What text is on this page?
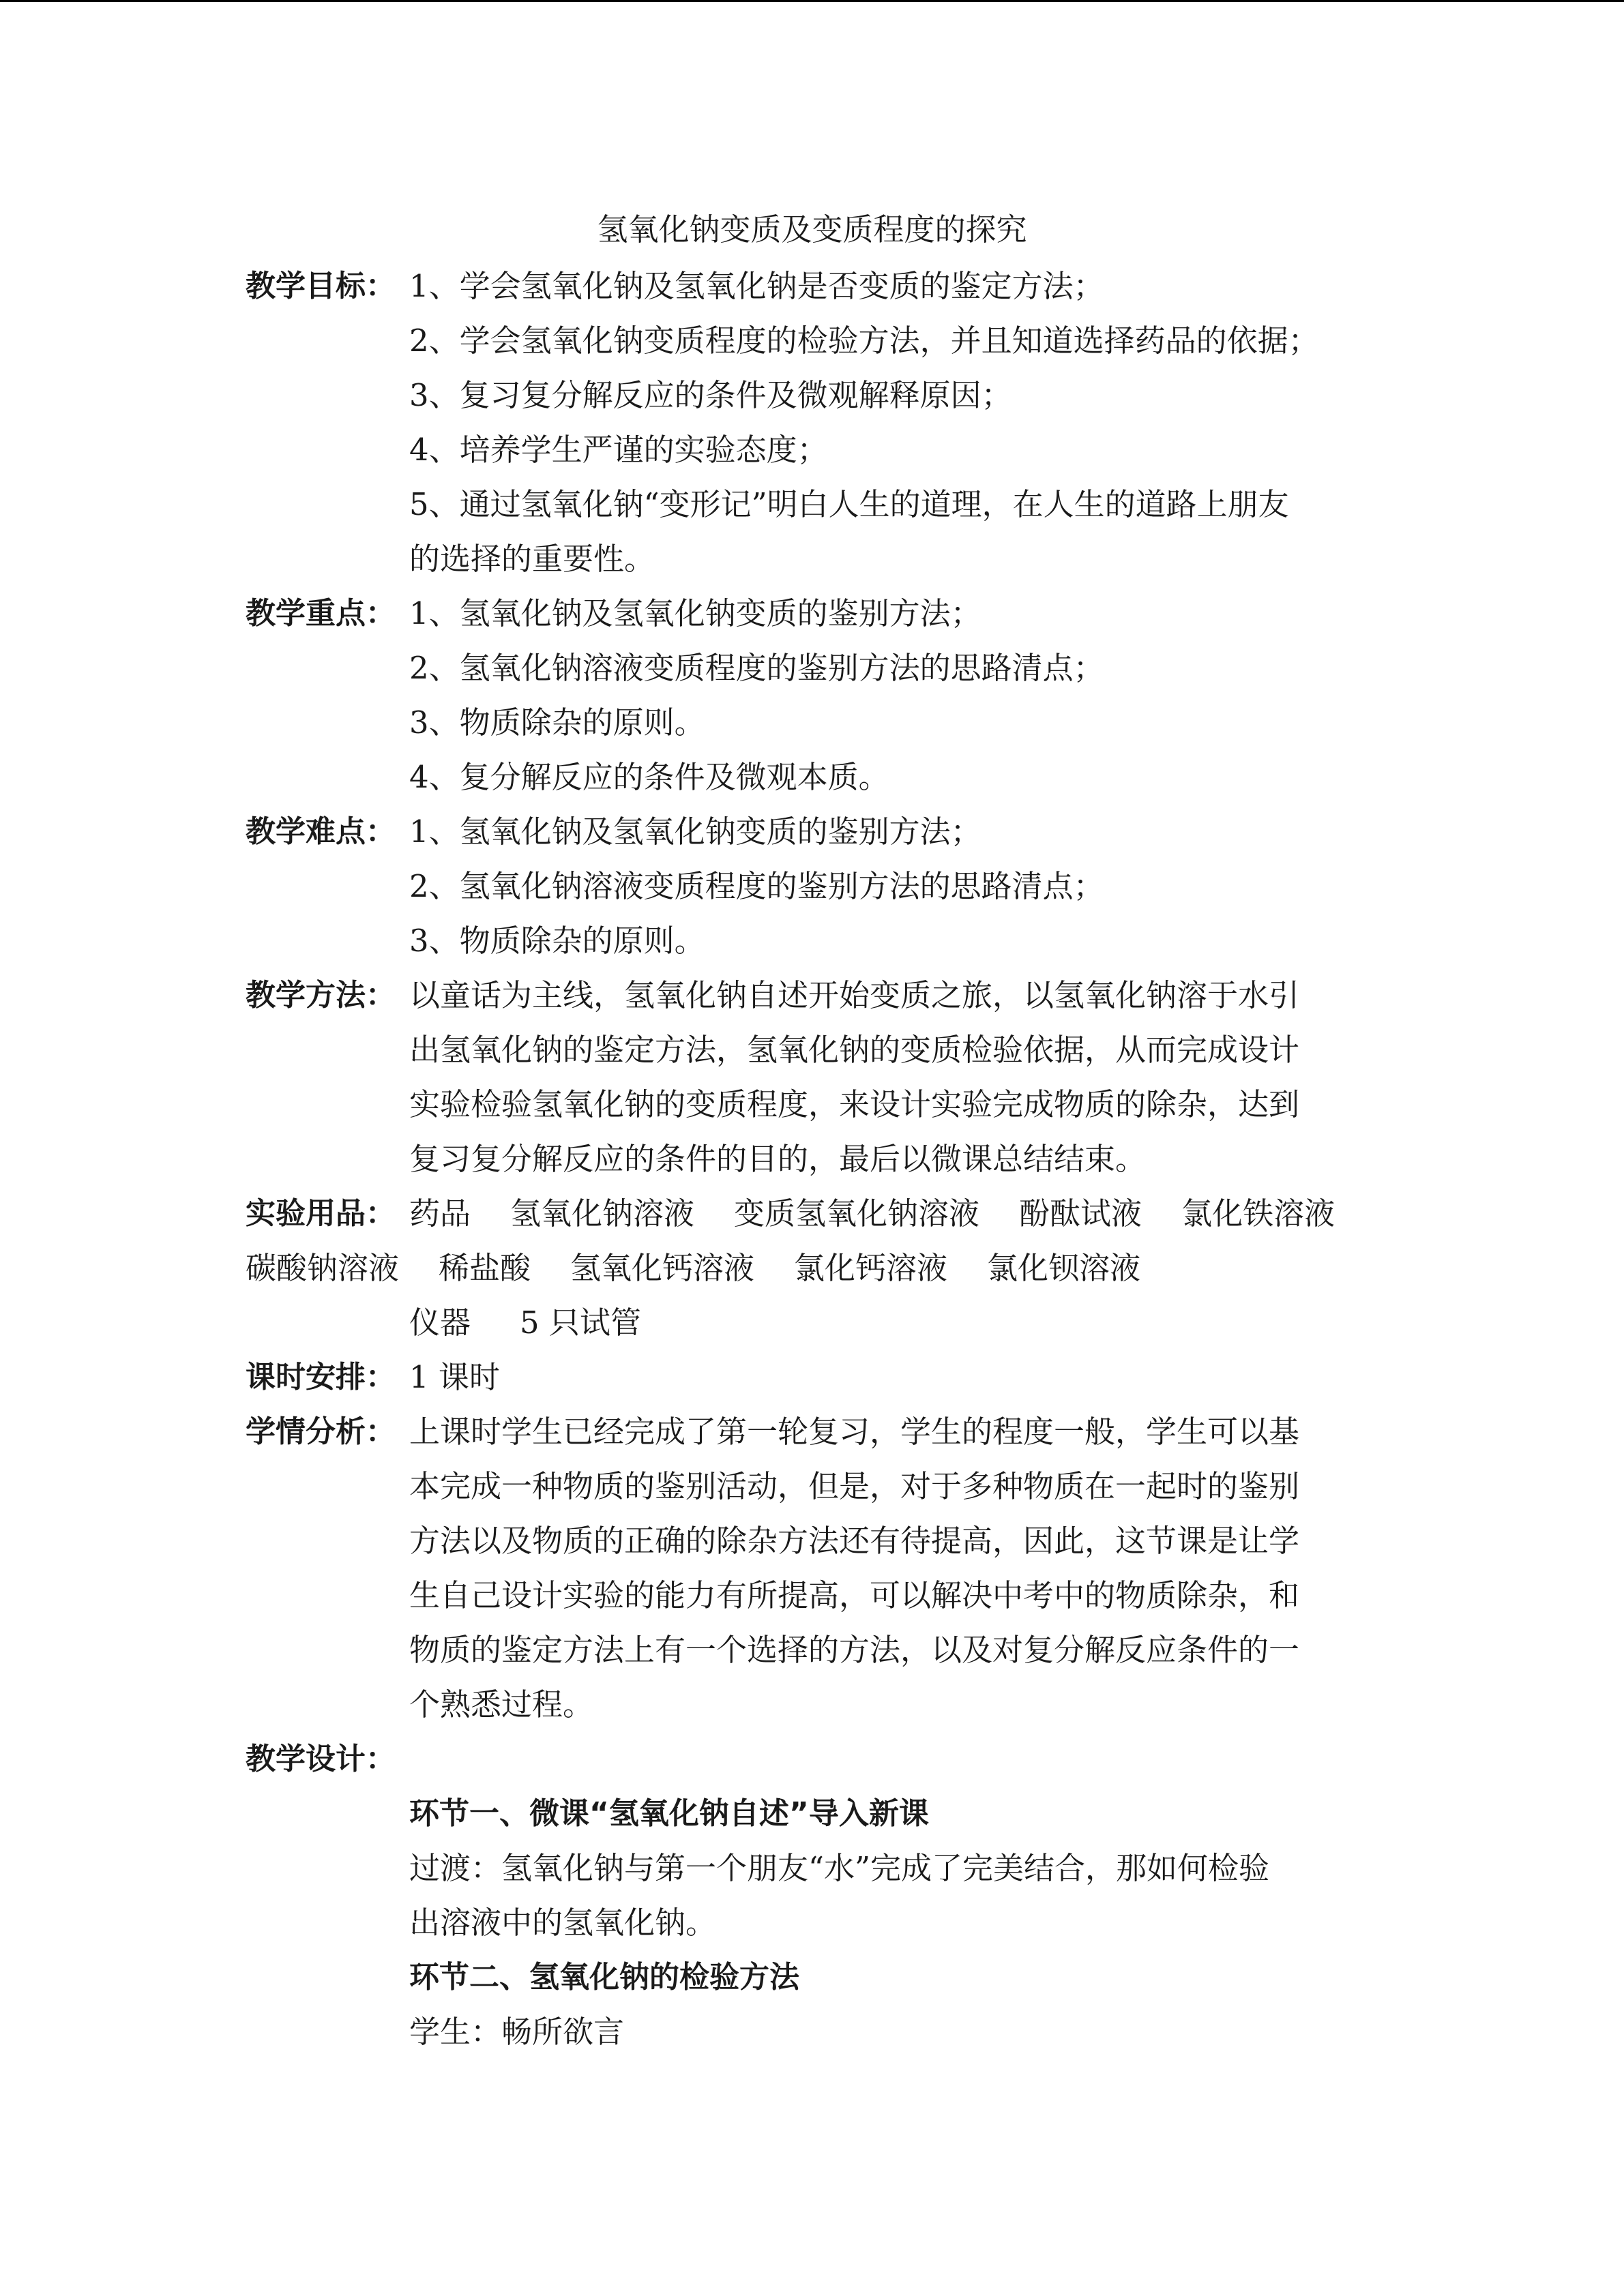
氢氧化钠变质及变质程度的探究
教学目标： 1、学会氢氧化钠及氢氧化钠是否变质的鉴定方法；
2、学会氢氧化钠变质程度的检验方法，并且知道选择药品的依据；
3、复习复分解反应的条件及微观解释原因；
4、培养学生严谨的实验态度；
5、通过氢氧化钠“变形记”明白人生的道理，在人生的道路上朋友
的选择的重要性。
教学重点： 1、氢氧化钠及氢氧化钠变质的鉴别方法；
2、氢氧化钠溶液变质程度的鉴别方法的思路清点；
3、物质除杂的原则。
4、复分解反应的条件及微观本质。
教学难点： 1、氢氧化钠及氢氧化钠变质的鉴别方法；
2、氢氧化钠溶液变质程度的鉴别方法的思路清点；
3、物质除杂的原则。
教学方法： 以童话为主线，氢氧化钠自述开始变质之旅，以氢氧化钠溶于水引
出氢氧化钠的鉴定方法，氢氧化钠的变质检验依据，从而完成设计
实验检验氢氧化钠的变质程度，来设计实验完成物质的除杂，达到
复习复分解反应的条件的目的，最后以微课总结结束。
实验用品： 药品 氢氧化钠溶液 变质氢氧化钠溶液 酚酞试液 氯化铁溶液
碳酸钠溶液 稀盐酸 氢氧化钙溶液 氯化钙溶液 氯化钡溶液
仪器 5 只试管
课时安排： 1 课时
学情分析： 上课时学生已经完成了第一轮复习，学生的程度一般，学生可以基
本完成一种物质的鉴别活动，但是，对于多种物质在一起时的鉴别
方法以及物质的正确的除杂方法还有待提高，因此，这节课是让学
生自己设计实验的能力有所提高，可以解决中考中的物质除杂，和
物质的鉴定方法上有一个选择的方法，以及对复分解反应条件的一
个熟悉过程。
教学设计：
环节一、微课“氢氧化钠自述”导入新课
过渡：氢氧化钠与第一个朋友“水”完成了完美结合，那如何检验
出溶液中的氢氧化钠。
环节二、氢氧化钠的检验方法
学生：畅所欲言
